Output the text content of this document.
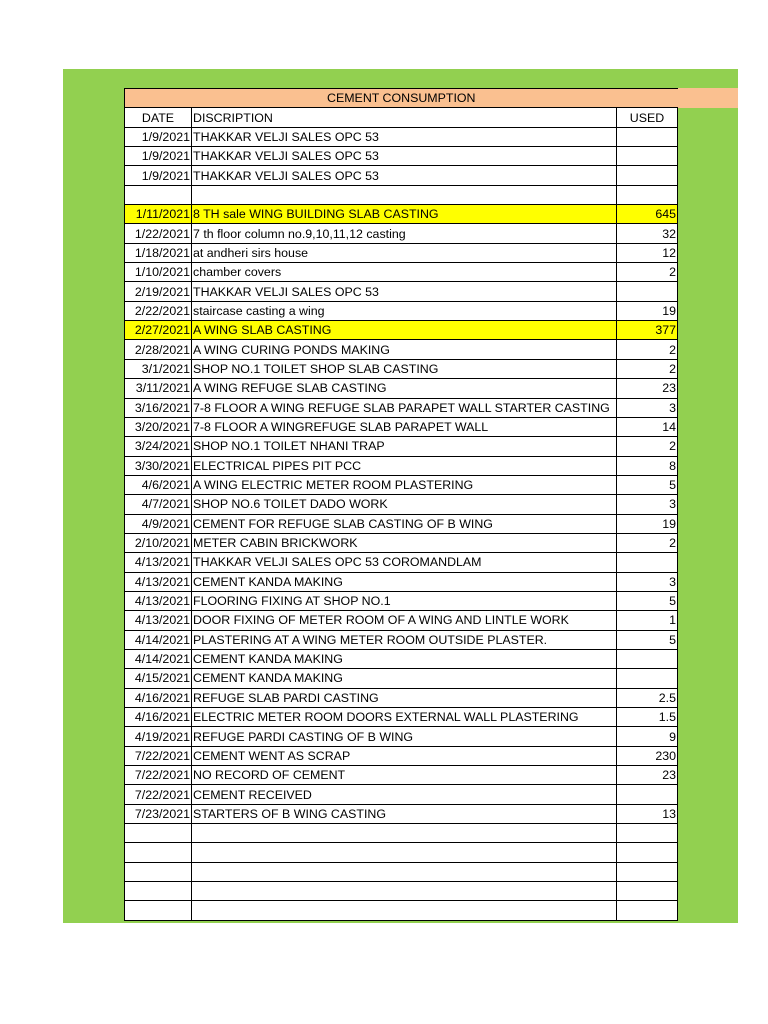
CEMENT CONSUMPTION		
DATE	DISCRIPTION	USED
1/9/2021	THAKKAR VELJI SALES OPC 53	
1/9/2021	THAKKAR VELJI SALES OPC 53	
1/9/2021	THAKKAR VELJI SALES OPC 53	

1/11/2021	8 TH sale WING BUILDING SLAB CASTING	645
1/22/2021	7 th floor column no.9,10,11,12 casting	32
1/18/2021	at andheri sirs house	12
1/10/2021	chamber covers	2
2/19/2021	THAKKAR VELJI SALES OPC 53	
2/22/2021	staircase casting a wing	19
2/27/2021	A WING SLAB CASTING	377
2/28/2021	A WING CURING PONDS MAKING	2
3/1/2021	SHOP NO.1 TOILET SHOP SLAB CASTING	2
3/11/2021	A WING REFUGE SLAB CASTING	23
3/16/2021	7-8 FLOOR A WING REFUGE SLAB PARAPET WALL STARTER CASTING	3
3/20/2021	7-8 FLOOR A WINGREFUGE SLAB PARAPET WALL	14
3/24/2021	SHOP NO.1 TOILET NHANI TRAP	2
3/30/2021	ELECTRICAL PIPES PIT PCC	8
4/6/2021	A WING ELECTRIC METER ROOM PLASTERING	5
4/7/2021	SHOP NO.6 TOILET DADO WORK	3
4/9/2021	CEMENT FOR REFUGE SLAB CASTING OF B WING	19
2/10/2021	METER CABIN BRICKWORK	2
4/13/2021	THAKKAR VELJI SALES OPC 53 COROMANDLAM	
4/13/2021	CEMENT KANDA MAKING	3
4/13/2021	FLOORING FIXING AT SHOP NO.1	5
4/13/2021	DOOR FIXING OF METER ROOM OF A WING AND LINTLE WORK	1
4/14/2021	PLASTERING AT A WING METER ROOM OUTSIDE PLASTER.	5
4/14/2021	CEMENT KANDA MAKING	
4/15/2021	CEMENT KANDA MAKING	
4/16/2021	REFUGE SLAB PARDI CASTING	2.5
4/16/2021	ELECTRIC METER ROOM DOORS EXTERNAL WALL PLASTERING	1.5
4/19/2021	REFUGE PARDI CASTING OF B WING	9
7/22/2021	CEMENT WENT AS SCRAP	230
7/22/2021	NO RECORD OF CEMENT	23
7/22/2021	CEMENT RECEIVED	
7/23/2021	STARTERS OF B WING CASTING	13
